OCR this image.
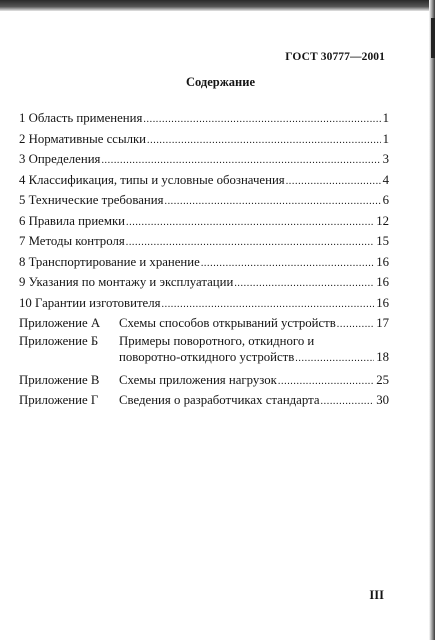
ГОСТ 30777—2001
Содержание
1 Область применения .....	1
2 Нормативные ссылки .....	1
3 Определения .....	3
4 Классификация, типы и условные обозначения .....	4
5 Технические требования .....	6
6 Правила приемки .....	12
7 Методы контроля .....	15
8 Транспортирование и хранение .....	16
9 Указания по монтажу и эксплуатации .....	16
10 Гарантии изготовителя .....	16
Приложение А Схемы способов открываний устройств .....	17
Приложение Б	Примеры поворотного, откидного и
поворотно-откидного устройств .....	18
Приложение В Схемы приложения нагрузок .....	25
Приложение Г Сведения о разработчиках стандарта .....	30
III
